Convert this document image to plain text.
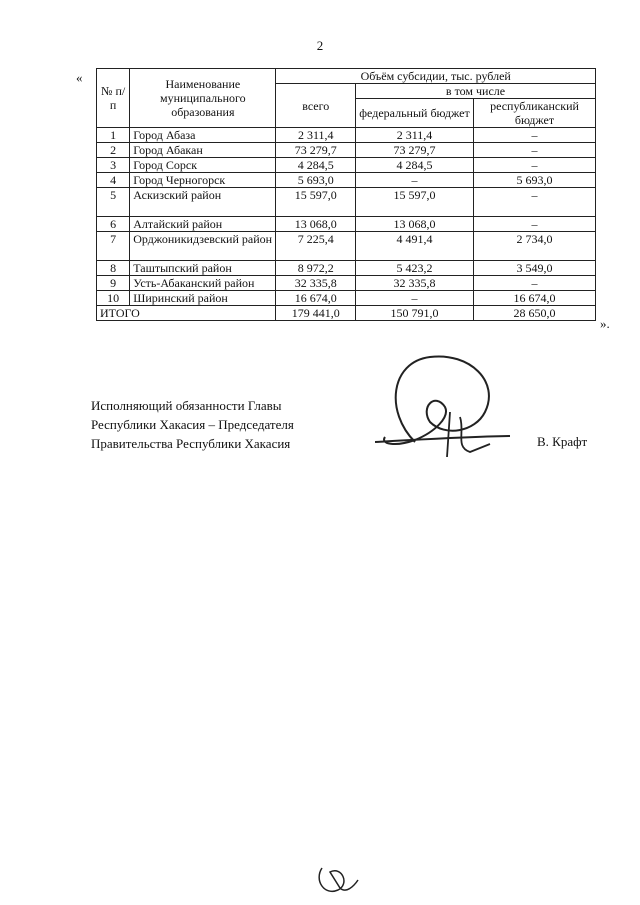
2
«
».
№ п/п	Наименование муниципального образования	Объём субсидии, тыс. рублей		
		всего	в том числе	
			федеральный бюджет	республиканский бюджет
1	Город Абаза	2 311,4	2 311,4	–
2	Город Абакан	73 279,7	73 279,7	–
3	Город Сорск	4 284,5	4 284,5	–
4	Город Черногорск	5 693,0	–	5 693,0
5	Аскизский район	15 597,0	15 597,0	–
6	Алтайский район	13 068,0	13 068,0	–
7	Орджоникидзевский район	7 225,4	4 491,4	2 734,0
8	Таштыпский район	8 972,2	5 423,2	3 549,0
9	Усть-Абаканский район	32 335,8	32 335,8	–
10	Ширинский район	16 674,0	–	16 674,0
ИТОГО		179 441,0	150 791,0	28 650,0
Исполняющий обязанности Главы
Республики Хакасия – Председателя
Правительства Республики Хакасия	В. Крафт
